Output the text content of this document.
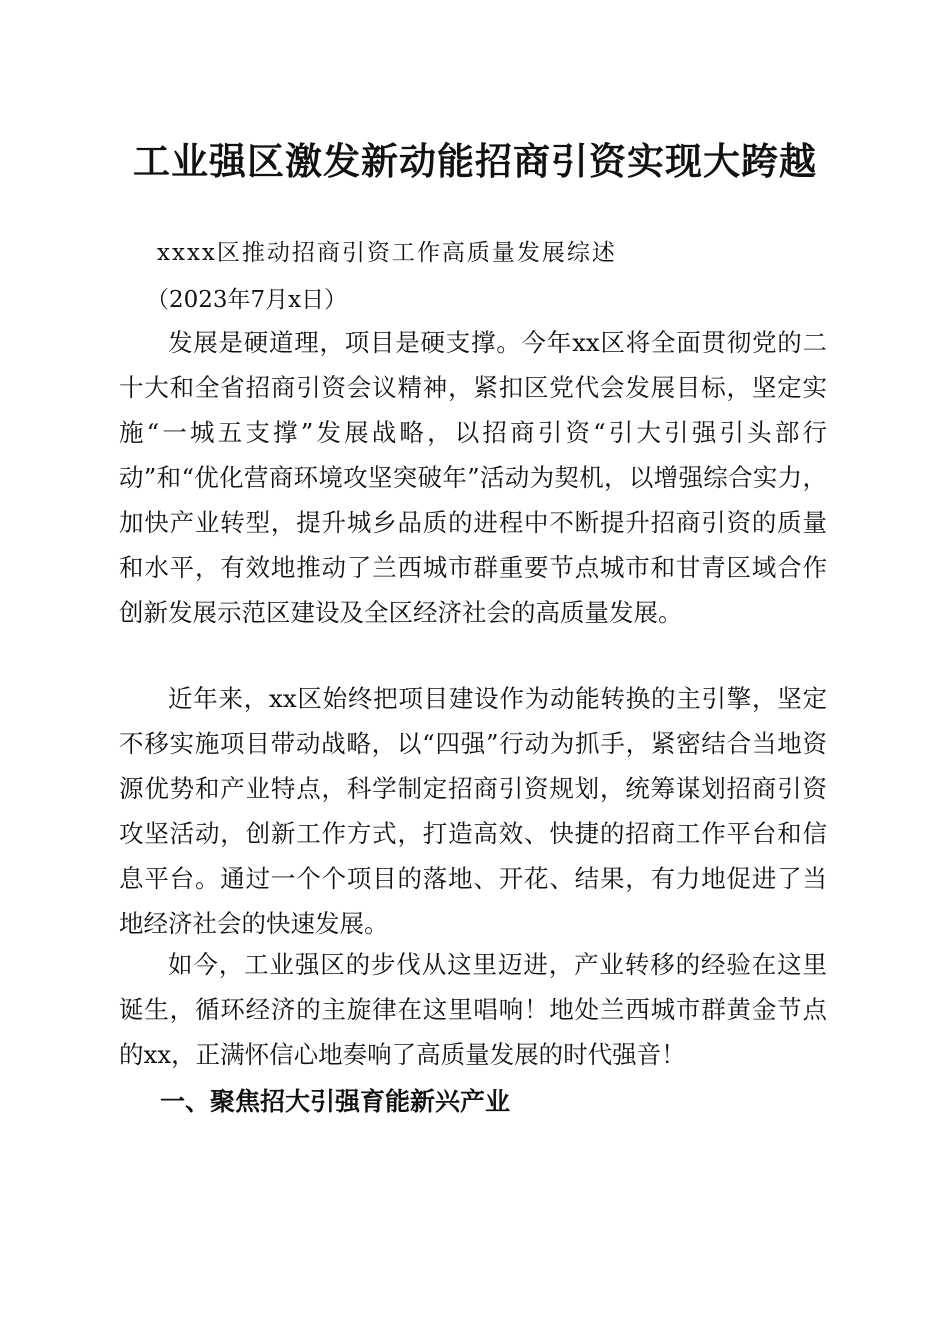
工业强区激发新动能招商引资实现大跨越
xxxx区推动招商引资工作高质量发展综述
（2023年7月x日）

发展是硬道理，项目是硬支撑。今年xx区将全面贯彻党的二十大和全省招商引资会议精神，紧扣区党代会发展目标，坚定实施“一城五支撑”发展战略，以招商引资“引大引强引头部行动”和“优化营商环境攻坚突破年”活动为契机，以增强综合实力，加快产业转型，提升城乡品质的进程中不断提升招商引资的质量和水平，有效地推动了兰西城市群重要节点城市和甘青区域合作创新发展示范区建设及全区经济社会的高质量发展。

近年来，xx区始终把项目建设作为动能转换的主引擎，坚定不移实施项目带动战略，以“四强”行动为抓手，紧密结合当地资源优势和产业特点，科学制定招商引资规划，统筹谋划招商引资攻坚活动，创新工作方式，打造高效、快捷的招商工作平台和信息平台。通过一个个项目的落地、开花、结果，有力地促进了当地经济社会的快速发展。

如今，工业强区的步伐从这里迈进，产业转移的经验在这里诞生，循环经济的主旋律在这里唱响！地处兰西城市群黄金节点的xx，正满怀信心地奏响了高质量发展的时代强音！

一、聚焦招大引强育能新兴产业
